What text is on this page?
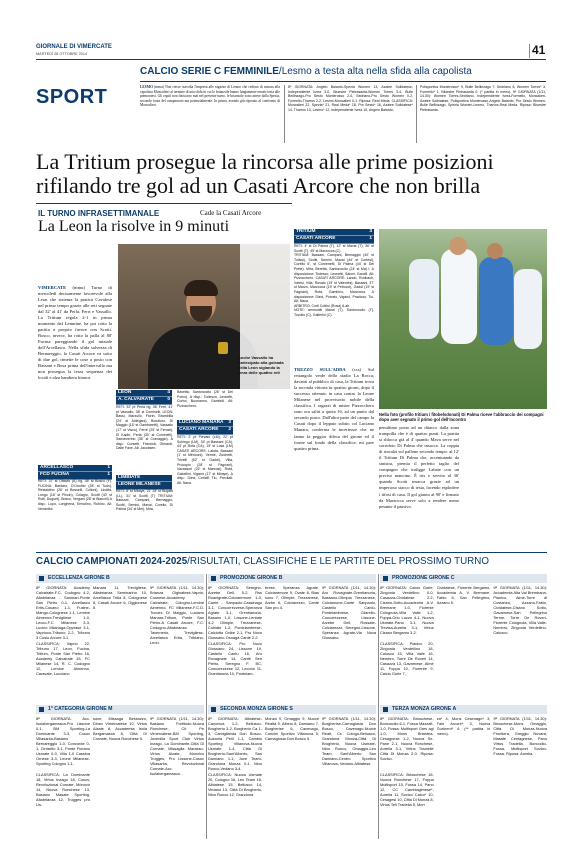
GIORNALE DI VIMERCATE
MARTEDÌ 28 OTTOBRE 2014	41
SPORT
CALCIO SERIE C FEMMINILE/Lesmo a testa alta nella sfida alla capolista
LESMO (mmu) Non riesce stavolta l'impresa alle ragazze di Lesmo che cedono di misura alla capolista Moncalieri al termine di una sfida in cui le brianzole hanno lungamente tenuto testa alle piemontesi. Gli ospiti non finiscono mai nel presente turno, le brianzole sono attese dalla Spezia, seconda forza del campionato ma potenzialmente. In prima, avendo già riposato al confronto di Moncalieri.
8ª GIORNATA: Angelo Baiardo-Spezia Women 13, Azalee Solbiatese-Independiente Ivrea 3-0, Bluestre Pietrasanta-Women Torres 3-4, Bulle Bellinzago-Pro Sesto Monterosso 2-0, Sedriano-Pro Sesto Women 0-2, Formello-Tharros 2-2, Lesmo-Moncalieri 0-1. Riposa: Real Meda. CLASSIFICA: Moncalieri 22, Spezia* 21, Real Meda* 18, Pro Sesto* 16, Azalee Solbiatese* 14, Tharros 13, Lesmo* 12, Independiente Ivrea 10, Angelo Baiardo,
Polisportiva Monterosso* 9, Bulle Bellinzago 7, Sedriano 6, Women Torres* 3, Formello* 1, Bluestre Pietrasanta 0. (* partita in meno). 9ª GIORNATA (1/11, 14.30): Women Torres-Sedriano, Independiente Ivrea-Formello, Moncalieri-Azalee Solbiatese, Polisportiva Monterosso-Angelo Baiardo, Pro Sesto Women-Bulle Bellinzago, Spezia Women-Lesmo, Tharros-Real Meda. Riposa: Bluestre Pietrasanta.
La Tritium prosegue la rincorsa alle prime posizioni rifilando tre gol ad un Casati Arcore che non brilla
IL TURNO INFRASETTIMANALE	Cade la Casati Arcore
La Leon la risolve in 9 minuti
VIMERCATE (mmu) Turno di mercoledì decisamente favorevole alla Leon che sistema la pratica Cavalese nel primo tempo grazie alle reti segnate dal 32' al 41' da Perla, Ferri e Vassallo. La Tritium regola 2-1 in prima momento dal Lemnine, ha poi rotto la partita a proprio favore con Scotti. Bosco, invece, ha rotto la palla al 80' Fucina pareggiando il gol iniziale dell'Arcellasco. Nella sfida salvezza di Bernareggio, la Casati Arcore va sotto di due gol, rimette le cose a posto con Bassani e Bosa prima dell'intervallo ma non prosegua la terza sequenza dei locali e alza bandiera bianca.
Anche Vassallo ha partecipato alla goleada della Leon siglando la terza delle quattro reti
ARCELLASCO	1
FCD FUCINA	1
RETI: 37' st Ottavio (A) rig, 38' st Bosco (F). FUCINA: Bardaro, D'Onofrio (28' st Todo), Restaldino (26' st Bosselli, Colloni), Lindita, Longo (16' st Piccin), Colagro, Scotti (40' st Rolli, Duguet), Bosco, Vergani (28' st Bianchi) A disp.: Lupo, Longhena, Ermolino, Rubino, All: Venantini.
LEON	4
A. CALVAIRATE	0
RETI: 32' pt Perla rig, 36' Ferri, 41' pt Vassallo, 38' st Cominelli. LEON: Bassi, Marzullo, Fiorin, Brambilla (24' st Aldegani), Bonaluro, Di Maggio (15' st Gambaretti), Vassallo (17' st Visco), Ferré (25' st Ferrari), El Kadiri, Perla (30' st Cominelli), Sanseverino (35' st Cravaggio). A disp.: Corsetti, Francioli, Ghirardi, Dalle Fave. All: Jacobsen.
LIMBIATE
LEONE MILANESE
RETI: 8' st Mbaye, 21' 28' st Bugatti (LL), 31' st Scotti (T) TRITIUM: Bassani, Campani, Bernaggio, Scotti, Semini, Mavai, Corello, Di Palma (34' st Mei), Mira,
Bavetta, Santonocito (26' st Del Poino). A disp.: Todesco, Leonetti, Corbo, Buonanno, Gamboli. All: Pizzocchero.
LUCIANO MANARA 3
CASATI ARCORE 2
RETI: 2' pt Pievani (LM), 22' pt Schingo (LM), 34' pt Bassani (CA), 44' pt Rota (CA), 19' st Losa (LM) CASATI ARCORE: Lalota, Bassani (1' st Menconi), Vermè, Zicchetti, Trivelli (62' st Gaddi), Villa, Procopio (28' st Fagnani), Vavassori (22' st Marcosi), Rota, Gabellini, Viganò (17' st Mbaye). A disp.: Dieci, Cerlaff, Tiu, Previtali. All: Nava.

TRITIUM	3
CASATI ARCORE	1
RETI: 4' st Di Palma (T), 12' st Mavai (T), 36' st Scotti (T), 45' st Marzocca (C)
TRITIUM: Bassani, Campani, Bernaggio (40' st Tulissi), Scotti, Semini, Mavai (44' st Cortesi), Corello 6', st Comenetti, Di Palma (44' st Del Prete), Mira, Beretta, Santonocito (24' st Ma) i. A disposizione: Todesco, Leonetti, Saloni, Garolfi. All: Pizzocchero. CASATI ARCORE: Lando, Rodbach, Varesi, Villa, Rovato (19' st Valentini), Bassani, 37' st Marzo, Marzocca (19' st Petrucci), Gaddi (19' st Fagnani), Rota, Gambino, Marzocca. A disposizione: Dieci, Porrato, Viganò, Prazioso, Tiu. All: Naca.
ARBITRO: Corti Cottini (Rosa) 6-ah
NOTE: ammoniti Mavai (T), Santonocito (T), Tovolto (C), Gallerini (C).
Nella foto (profilo tritium / fitobelsdonati) Di Palma riceve l'abbraccio dei compagni dopo aver segnato il primo gol dell'incontro
TREZZO SULL'ADDA (ccs) Sul rettangolo verde dello stadio La Rocca, davanti al pubblico di casa, la Tritium trova la seconda vittoria in quattro giorni, dopo il successo ottenuto in casa contro la Leone Milanese nel provvisorio nobile della classifica. I ragazzi di mister Pizzocchero sono ora saliti a quota 16, ad un punto dal secondo posto. Dall'altra parte del campo la Casati dopo il leppato subito col Luciano Manara, conferma le incertezze che ne fanno la peggior difesa del girone ed il fronte sul fondo della classifica: mi pare quattro prima.
penultimo posto ad un ditacco dalla zona tranquilla che è di quattro punti. La partita si sblocca già al 4' quando Mava serve nel corridoio Di Palma che insacca. La coppia di rincalzi sul pallone secondo tempo: al 12' il Tritium Di Palma che, accentuando da sinistra, premia il perfetto taglio del compagno che trafigge Labate con un preciso mancino. È tris e servito al 36' quando Scotti insacca grazie ad un imperioso stacco di testa, facendo esplodere i tifosi di casa. Il gol giunto al 90' e firmato da Marzocca serve solo a rendere meno pesante il passivo.

CALCIO CAMPIONATI 2024-2025/RISULTATI, CLASSIFICHE E LE PARTITE DEL PROSSIMO TURNO
ECCELLENZA GIRONE B
8ª GIORNATA: Academy Calvairate-F.C. Codogno 4-2, Altabrianza - Sanmari-Ponte San Pietro 0-1, Arcellasco Ertis-Cusano 1-1, Fusine-Mango-Colognese 1-1, Lemine Almenno-Trevigliese 1-0, Lecco-F.C. Milanese 3-3, Lucino Milanaga-Opprase 3-1, Vaprioco-Tribuno 2-2, Tribuno 3 Cusio Arcore 3-1.
CLASSIFICA: Vaprio 22, Tribuno 17, Leon, Fucina, Tritium, Ponte San Pietro 16, Academy Calvairate 15, FC Milanese 14, R. C. Codogno 12, Lemine Almenno, Caravate, Lucciano
Manara 11, Trevigliese, Altabrianza Seminarino 10, Arcellasco Tritia 8, Colognese 8, Casati Arcore 6, Oggionese 5.
9ª GIORNATA (1/11, 14.30): Brianza Olginatese-Vaprio, Cusnese-Accademy Calvairate, Cologno-Lemine Almenno, FC Milanese-F.C.D. Tucces Di Maggio, Luciano Manara-Tritium, Ponte San Pietro-A Casati Arcore, F.C. Codogno-Altabrianza Tavernerio, Trevigliese-Arcellasco Ertia, Tribiano-Leon.
PROMOZIONE GIRONE B
8ª GIORNATA: Seregno-Arzebe Dell, 5-2, Rss Roanigrate-Colciaremore 1-0, Canté - Sanpaolo-Cassinago 3-1, Concorrezzese-Speranza Agrate 3-1, Grentianoria-Basano 1-0, Lissone-Lentate 4-2 Olimpie, Trezzanese-Cobiate 1-2, Pontelambrese-Calciotto Oxibe 2-1, Pro Novo Giussano-Osnaga Canté 2-2.
CLASSIFICA: Pro Novo Giussano 24, Lissone 19, Castello Cantù 16, Aro Rovagnate 14, Canté Sen Pietro, Seregno F. BC, Concorezzese 12, Lecono 11, Grantiaroria 10, Pontelam-
brese, Speranza Agrate, Colciaremore 9, Ovate 8, Bias sono 7, Olimpie, Trezzanese, Arzbe 6, Colciarezzo, Canté San pro 4.
9ª GIORNATA (1/11, 14.30): Aro Rovagnate-Grentianoria, Bassano-Olimpia Trezzanese, Colciamone-Canté Sanpaolo, Castello Cantù-Pontelambrese, Cilarello-Concorezzese, Lissone-Arzebe Dell, Rossate-Colciarezzo, Seregno-Lissone, Speranza Agrate-Via Nova Giussano.
PROMOZIONE GIRONE C
8ª GIORNATA: Calcio Gorle-Zingonia Verdellino 0-0, Casazza-Cividatese 2-2, Cisano-Sotto-Accademia A.V. Bremane 1-0, Fiorente Colognola-Villa Valle 1-2, Foppa-Orio Lozzo 4-1, Nuova Usmate-Pano 3-1, Nuova Trevisa-Aurelia 3-1, Virtus Cisano Bergamo 3-2.
CLASSIFICA: Pianico 20, Zingonia Verdellino 18, Calusco 15, Villa Valle 16, Nembro, Torre De Roveri 14, Casazza 13, Gavarnese, Almè 11, Foppa 10, Fiorente 9, Calcio Gorle 7,
Cividatese, Fiorente Bergamo, Accademia A. V. Bremane, Fabio 6, San Pellegrino, Azzano 5.
9ª GIORNATA (1/11, 14.30): Accademia Alta Val Brembana-Pianico, Almè-Torre di Costanza, Azzano-Fabio, Cividatese-Cisano Sotto, Gavarnese-San Pellegrino Terme, Torre De Roveri-Fiorente Colognola, Villa Valle-Nembro, Zingonia Verdellino-Calusco.
1ª CATEGORIA GIRONE M
8ª GIORNATA: Acc. Isolabergamasca-Pro Lissone 0-1, BM Sporting-La Dominante 3-3, Cosov Villasanta-Basiano Bernareggio 1-0, Concorde 0-1, Cinisello 3-1, Ponte Fiorano Usmate 0-0, Villa 1-0 Cassina Ornese 3-3, Leone Milanese-Sporting Cologno 1-1.
CLASSIFICA: La Dominante 18, Virtus Inzago 18, Cosov, Revoluzional Cornate, Mònovo 14, Nuova Ronchese 13, Basiano Masate Sporting, Altabrianza 12, Trugges pro Lis-
sone, Missaga Bessozzo, Dinev Vimercatese 10, Virtus Alzate 8, Accademia Isola Bergamasca 8, Città Di Cornate, Nuova Ronchese 5.
9ª GIORNATA (1/11, 14.30): Basiano Fortitudo-Nuova Ronchese, Cit Pe Vimercatese-BM Sporting, Juvenilia Sport Club Virtus Inzago, La Dominante-Città Di Cornate, Missaglia Marasso-Virtus Alzate, Monvico Trugges, Pro Lissone-Cosov Villasanta, Revoluzional Cornate-Acc. Isolabergamasca.
SECONDA MONZA GIRONE S
8ª GIORNATA: Albiatese-Canonica 1-2, Bellusco-Brugherio 3-2, Burgherio Ca 1-3, Camiglianda Don Bosco-Ausonia Pelli 1-1, Cambio Sporting Villanova-Nuova Usmate 1-4, Città Di Brugherio-Sant'Alberto, San Damiano 1-1, Juve Team-Grandona Monza 0-1, Nino Ronco-Vedano 3-4.
CLASSIFICA: Nuova Usmate 20, Cologno 16, Leo Team 16, Albiatese 15, Bellusco 14, Vedano 13, Città Di Brugherio, Nino Ronco 12, Grandona
Monza 9, Omaggio 9, Nuove Realtà 9, Albino 8, Damiano 7, Burgherise 6, Cavenago, Concini Sportivo Villanova 5, Carnagiosia Don Bosco 5.
9ª GIORNATA (1/11, 14.30): Burgherise-Carnagiosia Don Bosco, Cavenago-Nuove Realt, Cs Cologo-Bellusco, Grandona Monza-Città Di Brugherio, Nuova Usmate-Nino Ronco, Omaggio-Leo Team, Sant'Alberto San Damiano-Centro Sportivo Villanova, Vedano-Albiatese.
TERZA MONZA GIRONE A
8ª GIORNATA: Brioschese-Boncondio 6-1, Fossa Mazzafi-1-0, Fossa: Multisport Gres agi 1-0, Mons Briantea-Cesagnese 1-2, Nuova Se-Pane 2-1, Nuova Ronchese-Aurelia 3-1, Virtus Tractelle Città Di Monza 2-0. Riposa: Sovico.
CLASSIFICA: Brioschese 18, Nuova Ronchese 17, Foppa Multisport 15, Fossa 14, Pano 12, CC Cambiagimese*, Aurelia 11, Sovico Calco* 10, Cesagesi 10, Città Di Monza 8, Virtus Teli Tradella 5, Mon
za* 4, Mons Cesenago* 3, Falò Arcore* 3, Nuova Gurkreni* 4. (** partita in meno).
9ª GIORNATA (1/11, 14.30): Brioschese-Mons Omaggio, Città Di Monza-Nuova Frontiera, Greggio Novara, Masate Centagnese, Pano Virtus Tradella, Boncodio-Fossa, Multisport Sovico-Fossa, Riposa: Aurelia.
